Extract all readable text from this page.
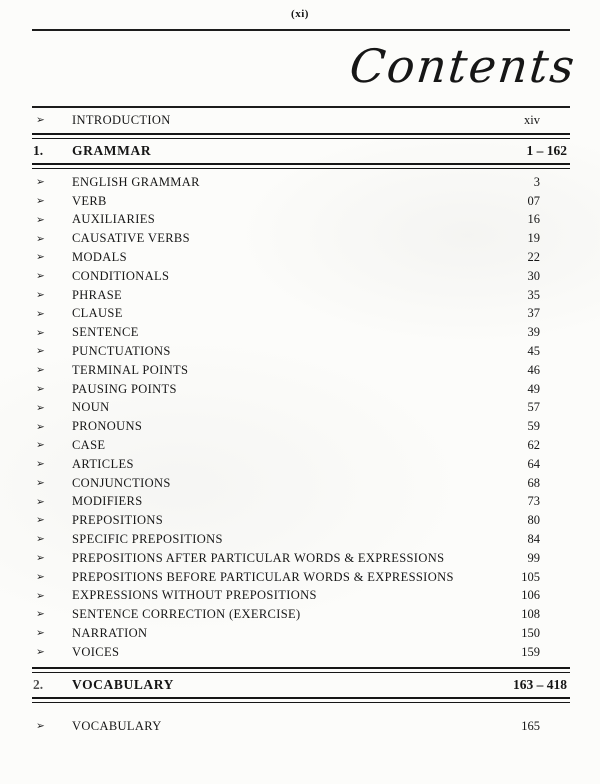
(xi)
Contents
➢	INTRODUCTION	xiv
1.	GRAMMAR	1 – 162
➢	ENGLISH GRAMMAR	3
➢	VERB	07
➢	AUXILIARIES	16
➢	CAUSATIVE VERBS	19
➢	MODALS	22
➢	CONDITIONALS	30
➢	PHRASE	35
➢	CLAUSE	37
➢	SENTENCE	39
➢	PUNCTUATIONS	45
➢	TERMINAL POINTS	46
➢	PAUSING POINTS	49
➢	NOUN	57
➢	PRONOUNS	59
➢	CASE	62
➢	ARTICLES	64
➢	CONJUNCTIONS	68
➢	MODIFIERS	73
➢	PREPOSITIONS	80
➢	SPECIFIC PREPOSITIONS	84
➢	PREPOSITIONS AFTER PARTICULAR WORDS & EXPRESSIONS	99
➢	PREPOSITIONS BEFORE PARTICULAR WORDS & EXPRESSIONS	105
➢	EXPRESSIONS WITHOUT PREPOSITIONS	106
➢	SENTENCE CORRECTION (EXERCISE)	108
➢	NARRATION	150
➢	VOICES	159
2.	VOCABULARY	163 – 418
➢	VOCABULARY	165
